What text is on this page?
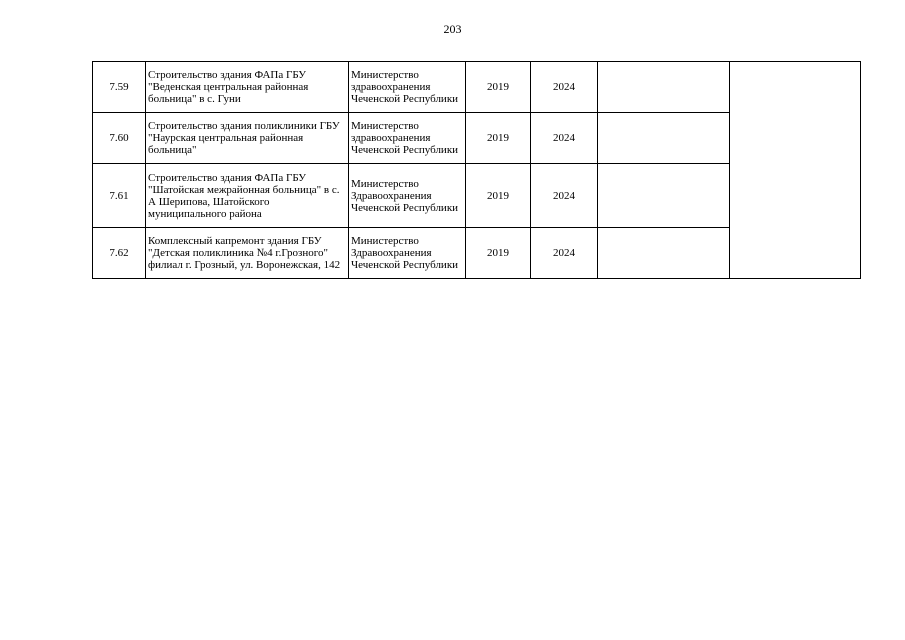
203
7.59	Строительство здания ФАПа ГБУ "Веденская центральная районная больница" в с. Гуни	Министерство здравоохранения Чеченской Республики	2019	2024		
7.60	Строительство здания поликлиники ГБУ "Наурская центральная районная больница"	Министерство здравоохранения Чеченской Республики	2019	2024		
7.61	Строительство здания ФАПа ГБУ "Шатойская межрайонная больница" в с. А Шерипова, Шатойского муниципального района	Министерство Здравоохранения Чеченской Республики	2019	2024		
7.62	Комплексный капремонт здания ГБУ "Детская поликлиника №4 г.Грозного" филиал г. Грозный, ул. Воронежская, 142	Министерство Здравоохранения Чеченской Республики	2019	2024		
